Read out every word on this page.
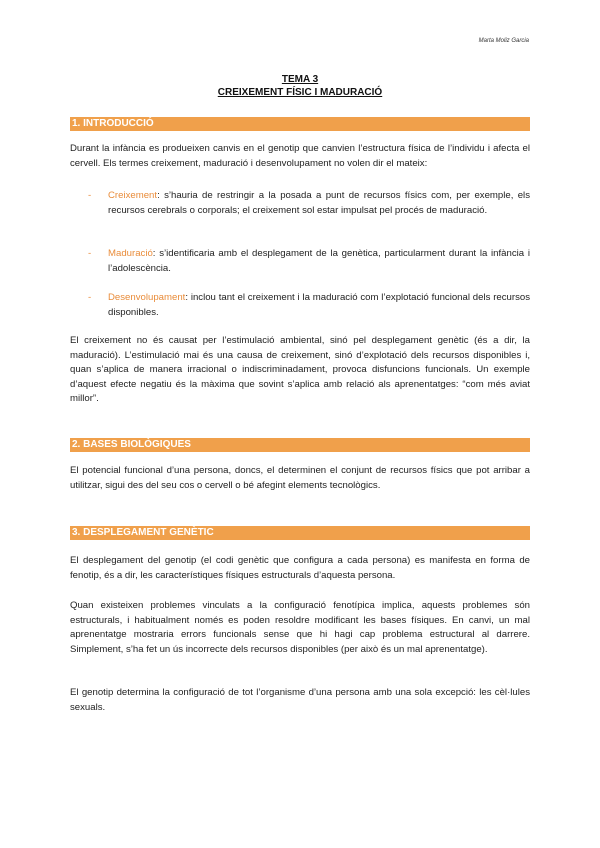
Marta Moliz Garcia
TEMA 3
CREIXEMENT FÍSIC I MADURACIÓ
1. INTRODUCCIÓ

Durant la infància es produeixen canvis en el genotip que canvien l’estructura física de l’individu i afecta el cervell. Els termes creixement, maduració i desenvolupament no volen dir el mateix:

- Creixement: s’hauria de restringir a la posada a punt de recursos físics com, per exemple, els recursos cerebrals o corporals; el creixement sol estar impulsat pel procés de maduració.
- Maduració: s’identificaria amb el desplegament de la genètica, particularment durant la infància i l’adolescència.
- Desenvolupament: inclou tant el creixement i la maduració com l’explotació funcional dels recursos disponibles.

El creixement no és causat per l’estimulació ambiental, sinó pel desplegament genètic (és a dir, la maduració). L’estimulació mai és una causa de creixement, sinó d’explotació dels recursos disponibles i, quan s’aplica de manera irracional o indiscriminadament, provoca disfuncions funcionals. Un exemple d’aquest efecte negatiu és la màxima que sovint s’aplica amb relació als aprenentatges: “com més aviat millor”.

2. BASES BIOLÒGIQUES

El potencial funcional d’una persona, doncs, el determinen el conjunt de recursos físics que pot arribar a utilitzar, sigui des del seu cos o cervell o bé afegint elements tecnològics.

3. DESPLEGAMENT GENÈTIC

El desplegament del genotip (el codi genètic que configura a cada persona) es manifesta en forma de fenotip, és a dir, les característiques físiques estructurals d’aquesta persona.

Quan existeixen problemes vinculats a la configuració fenotípica implica, aquests problemes són estructurals, i habitualment només es poden resoldre modificant les bases físiques. En canvi, un mal aprenentatge mostraria errors funcionals sense que hi hagi cap problema estructural al darrere. Simplement, s’ha fet un ús incorrecte dels recursos disponibles (per això és un mal aprenentatge).

El genotip determina la configuració de tot l’organisme d’una persona amb una sola excepció: les cèl·lules sexuals.
